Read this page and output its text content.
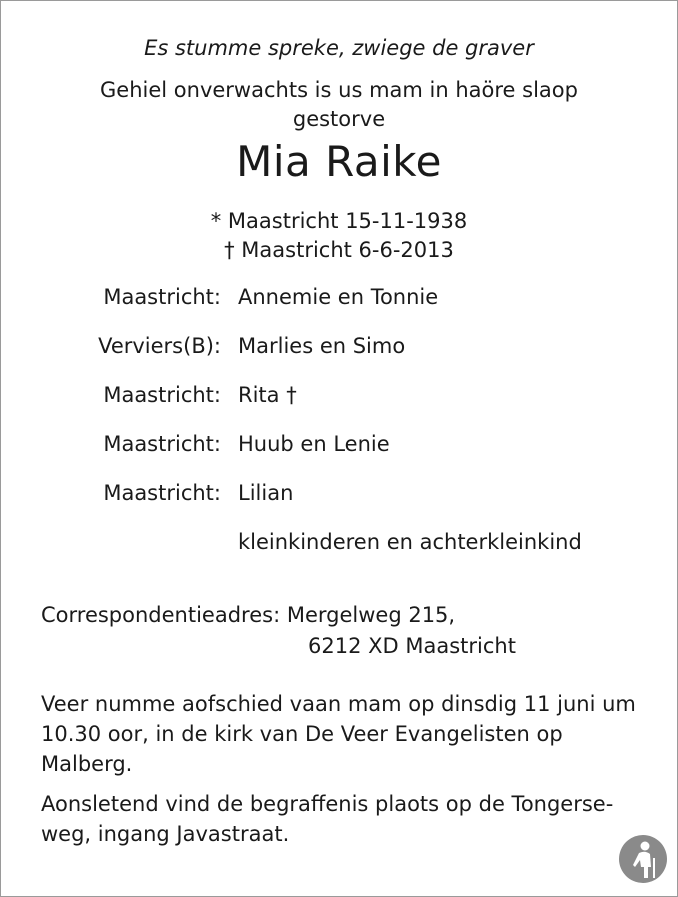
Es stumme spreke, zwiege de graver
Gehiel onverwachts is us mam in haöre slaop gestorve
Mia Raike
* Maastricht 15-11-1938
† Maastricht 6-6-2013
Maastricht: Annemie en Tonnie
Verviers(B): Marlies en Simo
Maastricht: Rita †
Maastricht: Huub en Lenie
Maastricht: Lilian
kleinkinderen en achterkleinkind
Correspondentieadres: Mergelweg 215,
6212 XD Maastricht
Veer numme aofschied vaan mam op dinsdig 11 juni um 10.30 oor, in de kirk van De Veer Evangelisten op Malberg.
Aonsletend vind de begraffenis plaots op de Tongerse-weg, ingang Javastraat.
